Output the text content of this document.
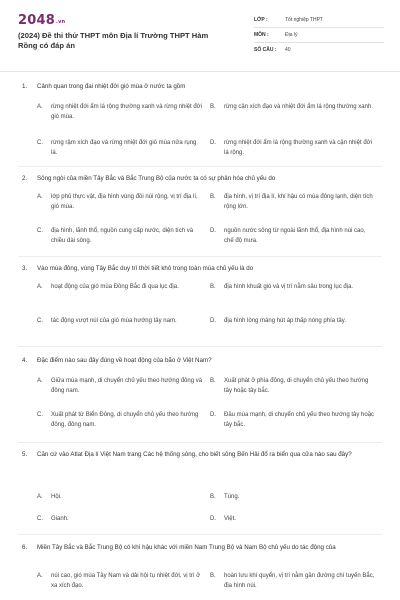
2048.vn
(2024) Đề thi thử THPT môn Địa lí Trường THPT Hàm Rồng có đáp án
LỚP :	Tốt nghiệp THPT
MÔN :	Địa lý
SỐ CÂU : 40
1. Cảnh quan trong đai nhiệt đới gió mùa ở nước ta gồm
A.	rừng nhiệt đới ẩm lá rộng thường xanh và rừng nhiệt đới gió mùa.
B.	rừng cận xích đạo và nhiệt đới ẩm lá rộng thường xanh.
C.	rừng rậm xích đạo và rừng nhiệt đới gió mùa nửa rụng lá.
D.	rừng nhiệt đới ẩm lá rộng thường xanh và cận nhiệt đới lá rộng.
2. Sông ngòi của miền Tây Bắc và Bắc Trung Bộ của nước ta có sự phân hóa chủ yếu do
A.	lớp phủ thực vật, địa hình vùng đồi núi rộng, vị trí địa lí, gió mùa.
B.	địa hình, vị trí địa lí, khí hậu có mùa đông lạnh, diện tích rộng lớn.
C.	địa hình, lãnh thổ, nguồn cung cấp nước, diện tích và chiều dài sông.
D.	nguồn nước sông từ ngoài lãnh thổ, địa hình núi cao, chế độ mưa.
3. Vào mùa đông, vùng Tây Bắc duy trì thời tiết khô trong toàn mùa chủ yếu là do
A.	hoạt động của gió mùa Đông Bắc đi qua lục địa.	B.	địa hình khuất gió và vị trí nằm sâu trong lục địa.
C.	tác động vượt núi của gió mùa hướng tây nam.	D.	địa hình lòng máng hút áp thấp nóng phía tây.
4. Đặc điểm nào sau đây đúng về hoạt động của bão ở Việt Nam?
A.	Giữa mùa mạnh, di chuyển chủ yếu theo hướng đông và đông nam.
B.	Xuất phát ở phía đông, di chuyển chủ yếu theo hướng tây hoặc tây bắc.
C.	Xuất phát từ Biển Đông, di chuyển chủ yếu theo hướng đông, đông nam.
D.	Đầu mùa mạnh, di chuyển chủ yếu theo hướng tây hoặc tây bắc.
5. Căn cứ vào Atlat Địa lí Việt Nam trang Các hệ thống sông, cho biết sông Bến Hải đổ ra biển qua cửa nào sau đây?
A.	Hội.	B.	Tùng.
C.	Gianh.	D.	Việt.
6. Miền Tây Bắc và Bắc Trung Bộ có khí hậu khác với miền Nam Trung Bộ và Nam Bộ chủ yếu do tác động của
A.	núi cao, gió mùa Tây Nam và dải hội tụ nhiệt đới, vị trí ở xa xích đạo.
B.	hoàn lưu khí quyển, vị trí nằm gần đường chí tuyến Bắc, địa hình núi.
